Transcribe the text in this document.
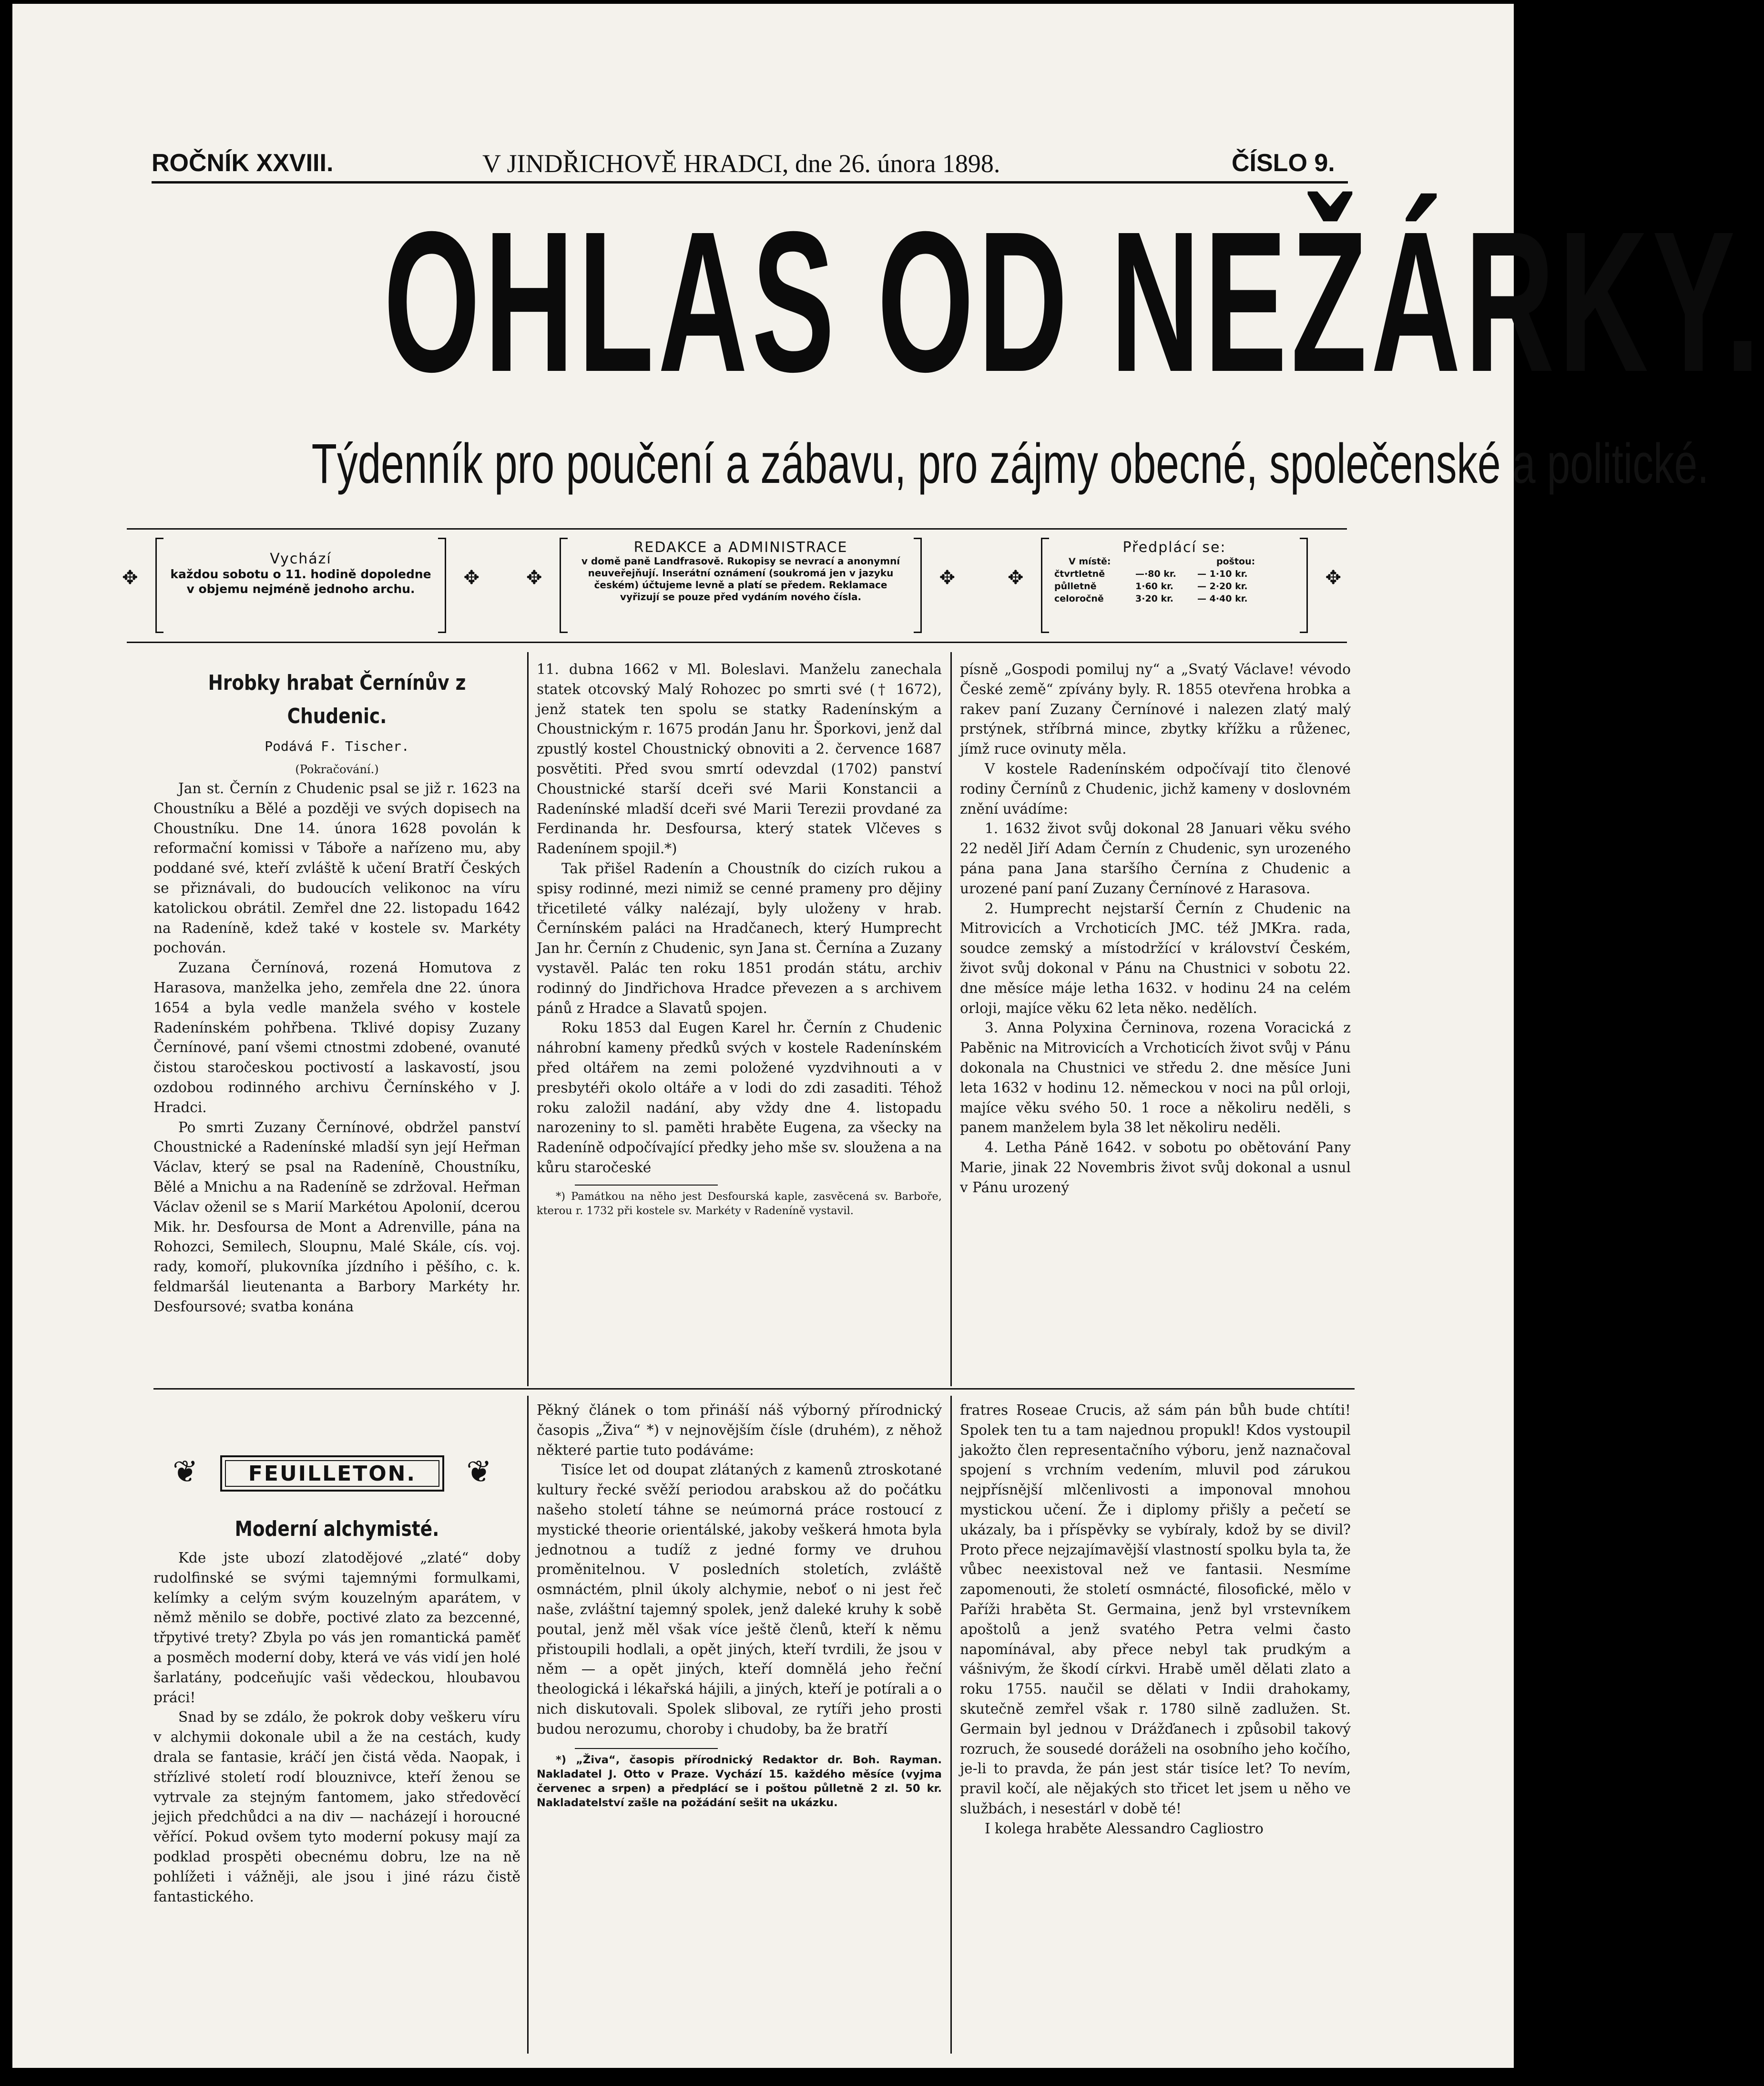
ROČNÍK XXVIII.	V JINDŘICHOVĚ HRADCI, dne 26. února 1898.	ČÍSLO 9.
OHLAS OD NEŽÁRKY.
Týdenník pro poučení a zábavu, pro zájmy obecné, společenské a politické.
✥
Vychází
každou sobotu o 11. hodině dopoledne v objemu nejméně jednoho archu.
✥ ✥
REDAKCE a ADMINISTRACE
v domě paně Landfrasově. Rukopisy se nevrací a anonymní neuveřejňují. Inserátní oznámení (soukromá jen v jazyku českém) účtujeme levně a platí se předem. Reklamace vyřizují se pouze před vydáním nového čísla.
✥	✥
Předplácí se:
V místě:	poštou:
čtvrtletně	—·80 kr. — 1·10 kr.
půlletně	1·60 kr.	— 2·20 kr.
celoročně	3·20 kr.	— 4·40 kr.
✥
Hrobky hrabat Černínův z Chudenic.
Podává F. Tischer.
(Pokračování.)

Jan st. Černín z Chudenic psal se již r. 1623 na Choustníku a Bělé a později ve svých dopisech na Choustníku. Dne 14. února 1628 povolán k reformační komissi v Táboře a nařízeno mu, aby poddané své, kteří zvláště k učení Bratří Českých se přiznávali, do budoucích velikonoc na víru katolickou obrátil. Zemřel dne 22. listopadu 1642 na Radeníně, kdež také v kostele sv. Markéty pochován.

Zuzana Černínová, rozená Homutova z Harasova, manželka jeho, zemřela dne 22. února 1654 a byla vedle manžela svého v kostele Radenínském pohřbena. Tklivé dopisy Zuzany Černínové, paní všemi ctnostmi zdobené, ovanuté čistou staročeskou poctivostí a laskavostí, jsou ozdobou rodinného archivu Černínského v J. Hradci.

Po smrti Zuzany Černínové, obdržel panství Choustnické a Radenínské mladší syn její Heřman Václav, který se psal na Radeníně, Choustníku, Bělé a Mnichu a na Radeníně se zdržoval. Heřman Václav oženil se s Marií Markétou Apolonií, dcerou Mik. hr. Desfoursa de Mont a Adrenville, pána na Rohozci, Semilech, Sloupnu, Malé Skále, cís. voj. rady, komoří, plukovníka jízdního i pěšího, c. k. feldmaršál lieutenanta a Barbory Markéty hr. Desfoursové; svatba konána

11. dubna 1662 v Ml. Boleslavi. Manželu zanechala statek otcovský Malý Rohozec po smrti své († 1672), jenž statek ten spolu se statky Radenínským a Choustnickým r. 1675 prodán Janu hr. Šporkovi, jenž dal zpustlý kostel Choustnický obnoviti a 2. července 1687 posvětiti. Před svou smrtí odevzdal (1702) panství Choustnické starší dceři své Marii Konstancii a Radenínské mladší dceři své Marii Terezii provdané za Ferdinanda hr. Desfoursa, který statek Vlčeves s Radenínem spojil.*)

Tak přišel Radenín a Choustník do cizích rukou a spisy rodinné, mezi nimiž se cenné prameny pro dějiny třicetileté války nalézají, byly uloženy v hrab. Černínském paláci na Hradčanech, který Humprecht Jan hr. Černín z Chudenic, syn Jana st. Černína a Zuzany vystavěl. Palác ten roku 1851 prodán státu, archiv rodinný do Jindřichova Hradce převezen a s archivem pánů z Hradce a Slavatů spojen.

Roku 1853 dal Eugen Karel hr. Černín z Chudenic náhrobní kameny předků svých v kostele Radenínském před oltářem na zemi položené vyzdvihnouti a v presbytéři okolo oltáře a v lodi do zdi zasaditi. Téhož roku založil nadání, aby vždy dne 4. listopadu narozeniny to sl. paměti hraběte Eugena, za všecky na Radeníně odpočívající předky jeho mše sv. sloužena a na kůru staročeské

*) Památkou na něho jest Desfourská kaple, zasvěcená sv. Barboře, kterou r. 1732 při kostele sv. Markéty v Radeníně vystavil.

písně „Gospodi pomiluj ny“ a „Svatý Václave! vévodo České země“ zpívány byly. R. 1855 otevřena hrobka a rakev paní Zuzany Černínové i nalezen zlatý malý prstýnek, stříbrná mince, zbytky křížku a růženec, jímž ruce ovinuty měla.

V kostele Radenínském odpočívají tito členové rodiny Černínů z Chudenic, jichž kameny v doslovném znění uvádíme:

1. 1632 život svůj dokonal 28 Januari věku svého 22 neděl Jiří Adam Černín z Chudenic, syn urozeného pána pana Jana staršího Černína z Chudenic a urozené paní paní Zuzany Černínové z Harasova.

2. Humprecht nejstarší Černín z Chudenic na Mitrovicích a Vrchoticích JMC. též JMKra. rada, soudce zemský a místodržící v království Českém, život svůj dokonal v Pánu na Chustnici v sobotu 22. dne měsíce máje letha 1632. v hodinu 24 na celém orloji, majíce věku 62 leta něko. nedělích.

3. Anna Polyxina Černinova, rozena Voracická z Paběnic na Mitrovicích a Vrchoticích život svůj v Pánu dokonala na Chustnici ve středu 2. dne měsíce Juni leta 1632 v hodinu 12. německou v noci na půl orloji, majíce věku svého 50. 1 roce a několiru neděli, s panem manželem byla 38 let několiru neděli.

4. Letha Páně 1642. v sobotu po obětování Pany Marie, jinak 22 Novembris život svůj dokonal a usnul v Pánu urozený

❦	FEUILLETON.	❦
Moderní alchymisté.

Kde jste ubozí zlatodějové „zlaté“ doby rudolfinské se svými tajemnými formulkami, kelímky a celým svým kouzelným aparátem, v němž měnilo se dobře, poctivé zlato za bezcenné, třpytivé trety? Zbyla po vás jen romantická paměť a posměch moderní doby, která ve vás vidí jen holé šarlatány, podceňujíc vaši vědeckou, hloubavou práci!

Snad by se zdálo, že pokrok doby veškeru víru v alchymii dokonale ubil a že na cestách, kudy drala se fantasie, kráčí jen čistá věda. Naopak, i střízlivé století rodí blouznivce, kteří ženou se vytrvale za stejným fantomem, jako středověcí jejich předchůdci a na div — nacházejí i horoucné věřící. Pokud ovšem tyto moderní pokusy mají za podklad prospěti obecnému dobru, lze na ně pohlížeti i vážněji, ale jsou i jiné rázu čistě fantastického.

Pěkný článek o tom přináší náš výborný přírodnický časopis „Živa“ *) v nejnovějším čísle (druhém), z něhož některé partie tuto podáváme:

Tisíce let od doupat zlátaných z kamenů ztroskotané kultury řecké svěží periodou arabskou až do počátku našeho století táhne se neúmorná práce rostoucí z mystické theorie orientálské, jakoby veškerá hmota byla jednotnou a tudíž z jedné formy ve druhou proměnitelnou. V posledních stoletích, zvláště osmnáctém, plnil úkoly alchymie, neboť o ni jest řeč naše, zvláštní tajemný spolek, jenž daleké kruhy k sobě poutal, jenž měl však více ještě členů, kteří k němu přistoupili hodlali, a opět jiných, kteří tvrdili, že jsou v něm — a opět jiných, kteří domnělá jeho řeční theologická i lékařská hájili, a jiných, kteří je potírali a o nich diskutovali. Spolek sliboval, ze rytíři jeho prosti budou nerozumu, choroby i chudoby, ba že bratří

*) „Živa“, časopis přírodnický Redaktor dr. Boh. Rayman. Nakladatel J. Otto v Praze. Vychází 15. každého měsíce (vyjma červenec a srpen) a předplácí se i poštou půlletně 2 zl. 50 kr. Nakladatelství zašle na požádání sešit na ukázku.

fratres Roseae Crucis, až sám pán bůh bude chtíti! Spolek ten tu a tam najednou propukl! Kdos vystoupil jakožto člen representačního výboru, jenž naznačoval spojení s vrchním vedením, mluvil pod zárukou nejpřísnější mlčenlivosti a imponoval mnohou mystickou učení. Že i diplomy přišly a pečetí se ukázaly, ba i příspěvky se vybíraly, kdož by se divil? Proto přece nejzajímavější vlastností spolku byla ta, že vůbec neexistoval než ve fantasii. Nesmíme zapomenouti, že století osmnácté, filosofické, mělo v Paříži hraběta St. Germaina, jenž byl vrstevníkem apoštolů a jenž svatého Petra velmi často napomínával, aby přece nebyl tak prudkým a vášnivým, že škodí církvi. Hrabě uměl dělati zlato a roku 1755. naučil se dělati v Indii drahokamy, skutečně zemřel však r. 1780 silně zadlužen. St. Germain byl jednou v Drážďanech i způsobil takový rozruch, že sousedé doráželi na osobního jeho kočího, je-li to pravda, že pán jest stár tisíce let? To nevím, pravil kočí, ale nějakých sto třicet let jsem u něho ve službách, i nesestárl v době té!

I kolega hraběte Alessandro Cagliostro
